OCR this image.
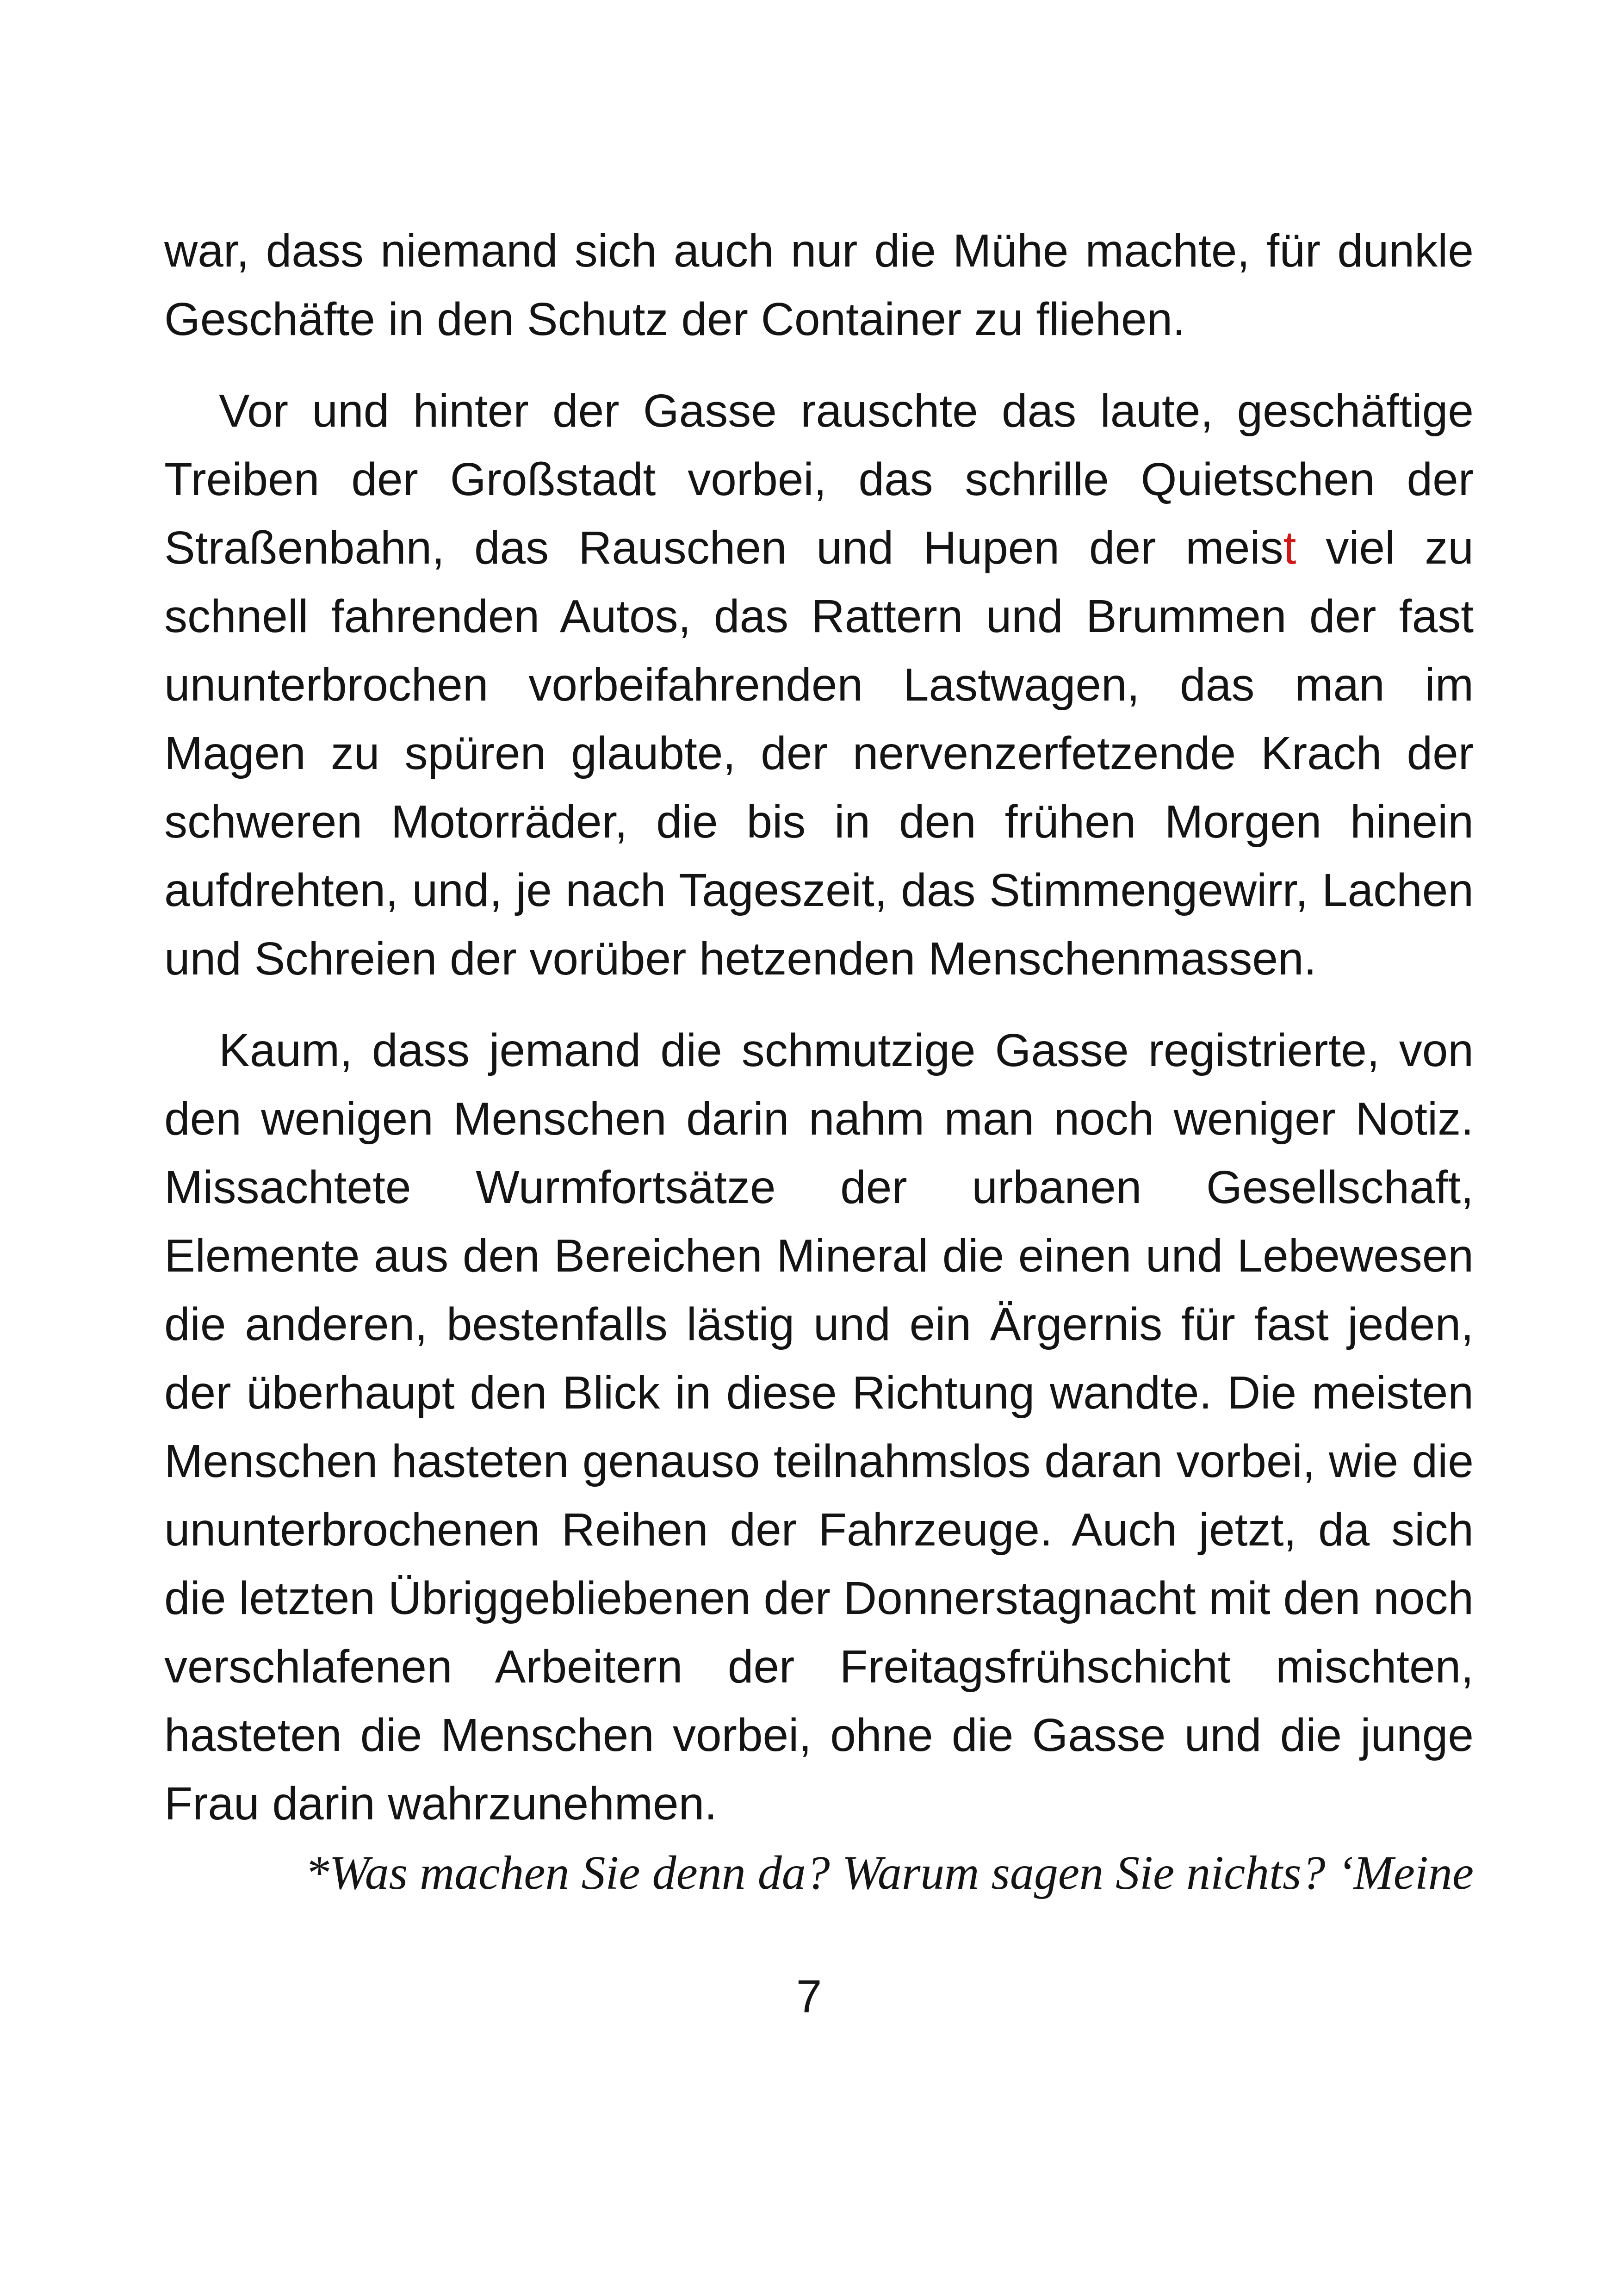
war, dass niemand sich auch nur die Mühe machte, für dunkle Geschäfte in den Schutz der Container zu fliehen.

Vor und hinter der Gasse rauschte das laute, geschäftige Treiben der Großstadt vorbei, das schrille Quietschen der Straßenbahn, das Rauschen und Hupen der meist viel zu schnell fahrenden Autos, das Rattern und Brummen der fast ununterbrochen vorbeifahrenden Lastwagen, das man im Magen zu spüren glaubte, der nervenzerfetzende Krach der schweren Motorräder, die bis in den frühen Morgen hinein aufdrehten, und, je nach Tageszeit, das Stimmengewirr, Lachen und Schreien der vorüber hetzenden Menschenmassen.

Kaum, dass jemand die schmutzige Gasse registrierte, von den wenigen Menschen darin nahm man noch weniger Notiz. Missachtete Wurmfortsätze der urbanen Gesellschaft, Elemente aus den Bereichen Mineral die einen und Lebewesen die anderen, bestenfalls lästig und ein Ärgernis für fast jeden, der überhaupt den Blick in diese Richtung wandte. Die meisten Menschen hasteten genauso teilnahmslos daran vorbei, wie die ununterbrochenen Reihen der Fahrzeuge. Auch jetzt, da sich die letzten Übriggebliebenen der Donnerstagnacht mit den noch verschlafenen Arbeitern der Freitagsfrühschicht mischten, hasteten die Menschen vorbei, ohne die Gasse und die junge Frau darin wahrzunehmen.

*Was machen Sie denn da? Warum sagen Sie nichts? ‘Meine

7
